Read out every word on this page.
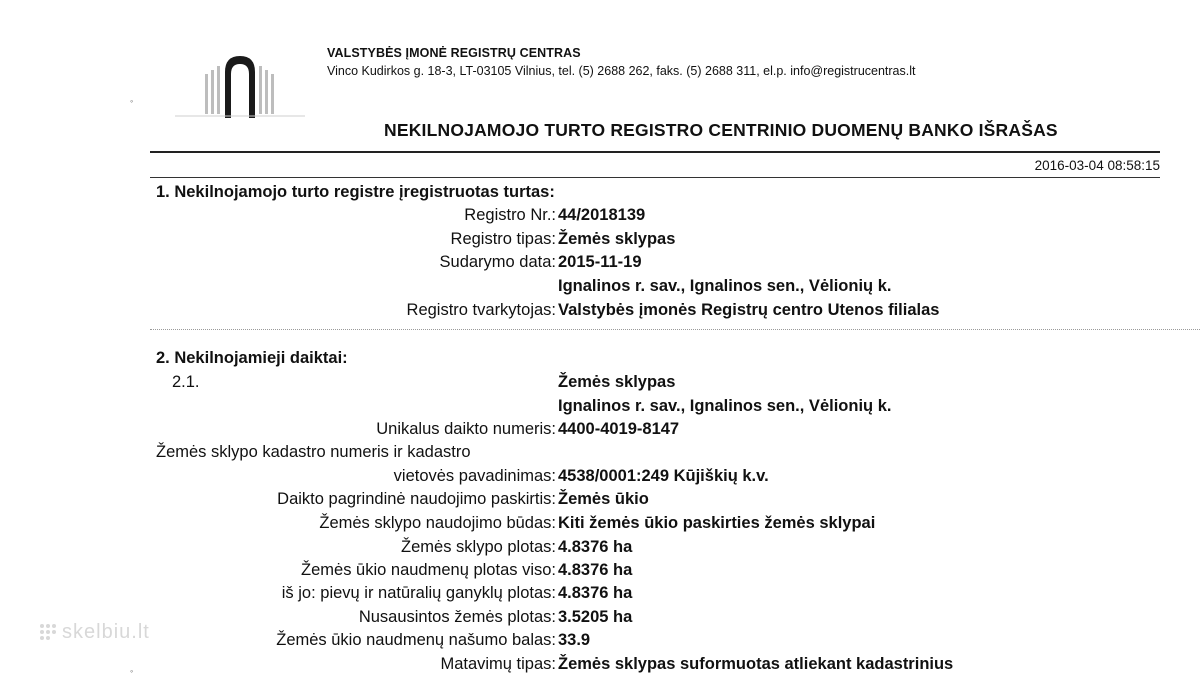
VALSTYBĖS ĮMONĖ REGISTRŲ CENTRAS
Vinco Kudirkos g. 18-3, LT-03105 Vilnius, tel. (5) 2688 262, faks. (5) 2688 311, el.p. info@registrucentras.lt
NEKILNOJAMOJO TURTO REGISTRO CENTRINIO DUOMENŲ BANKO IŠRAŠAS
2016-03-04 08:58:15
1. Nekilnojamojo turto registre įregistruotas turtas:
Registro Nr.: 44/2018139
Registro tipas: Žemės sklypas
Sudarymo data: 2015-11-19
Ignalinos r. sav., Ignalinos sen., Vėlionių k.
Registro tvarkytojas: Valstybės įmonės Registrų centro Utenos filialas
2. Nekilnojamieji daiktai:
2.1.	Žemės sklypas
Ignalinos r. sav., Ignalinos sen., Vėlionių k.
Unikalus daikto numeris: 4400-4019-8147
Žemės sklypo kadastro numeris ir kadastro
vietovės pavadinimas: 4538/0001:249 Kūjiškių k.v.
Daikto pagrindinė naudojimo paskirtis: Žemės ūkio
Žemės sklypo naudojimo būdas: Kiti žemės ūkio paskirties žemės sklypai
Žemės sklypo plotas: 4.8376 ha
Žemės ūkio naudmenų plotas viso: 4.8376 ha
iš jo: pievų ir natūralių ganyklų plotas: 4.8376 ha
Nusausintos žemės plotas: 3.5205 ha
Žemės ūkio naudmenų našumo balas: 33.9
Matavimų tipas: Žemės sklypas suformuotas atliekant kadastrinius
skelbiu.lt
◦
◦
